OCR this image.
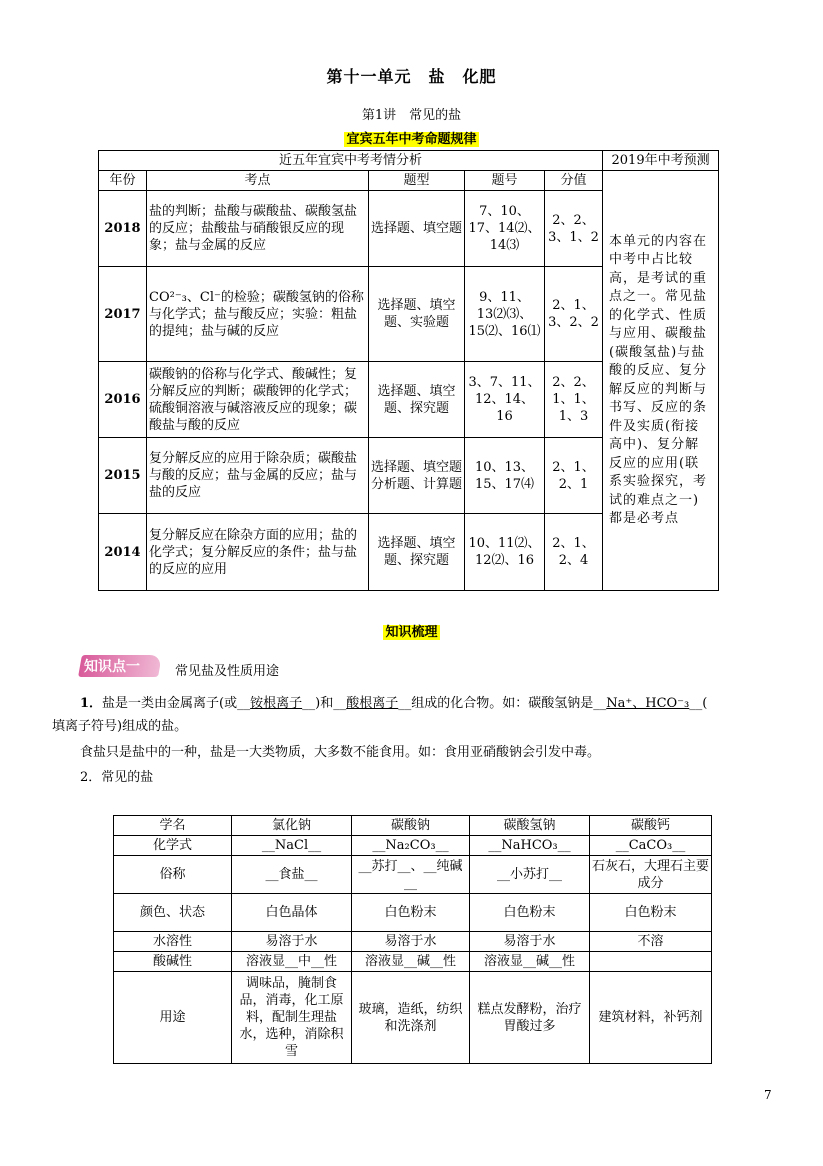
第十一单元　盐　化肥
第1讲　常见的盐
宜宾五年中考命题规律
近五年宜宾中考考情分析					2019年中考预测
年份	考点	题型	题号	分值	本单元的内容在中考中占比较高，是考试的重点之一。常见盐的化学式、性质与应用、碳酸盐(碳酸氢盐)与盐酸的反应、复分解反应的判断与书写、反应的条件及实质(衔接高中)、复分解反应的应用(联系实验探究，考试的难点之一)都是必考点
2018	盐的判断；盐酸与碳酸盐、碳酸氢盐的反应；盐酸盐与硝酸银反应的现象；盐与金属的反应	选择题、填空题	7、10、17、14⑵、14⑶	2、2、3、1、2	
2017	CO²⁻₃、Cl⁻的检验；碳酸氢钠的俗称与化学式；盐与酸反应；实验：粗盐的提纯；盐与碱的反应	选择题、填空题、实验题	9、11、13⑵⑶、15⑵、16⑴	2、1、3、2、2	
2016	碳酸钠的俗称与化学式、酸碱性；复分解反应的判断；碳酸钾的化学式；硫酸铜溶液与碱溶液反应的现象；碳酸盐与酸的反应	选择题、填空题、探究题	3、7、11、12、14、16	2、2、1、1、1、3	
2015	复分解反应的应用于除杂质；碳酸盐与酸的反应；盐与金属的反应；盐与盐的反应	选择题、填空题分析题、计算题	10、13、15、17⑷	2、1、2、1	
2014	复分解反应在除杂方面的应用；盐的化学式；复分解反应的条件；盐与盐的反应的应用	选择题、填空题、探究题	10、11⑵、12⑵、16	2、1、2、4	
知识梳理
知识点一	常见盐及性质用途
1．盐是一类由金属离子(或__铵根离子__)和__酸根离子__组成的化合物。如：碳酸氢钠是__Na⁺、HCO⁻₃__(
填离子符号)组成的盐。
食盐只是盐中的一种，盐是一大类物质，大多数不能食用。如：食用亚硝酸钠会引发中毒。
2．常见的盐
学名	氯化钠	碳酸钠	碳酸氢钠	碳酸钙
化学式	__NaCl__	__Na₂CO₃__	__NaHCO₃__	__CaCO₃__
俗称	__食盐__	__苏打__、__纯碱__	__小苏打__	石灰石，大理石主要成分
颜色、状态	白色晶体	白色粉末	白色粉末	白色粉末
水溶性	易溶于水	易溶于水	易溶于水	不溶
酸碱性	溶液显__中__性	溶液显__碱__性	溶液显__碱__性	
用途	调味品，腌制食品，消毒，化工原料，配制生理盐水，选种，消除积雪	玻璃，造纸，纺织和洗涤剂	糕点发酵粉，治疗胃酸过多	建筑材料，补钙剂
7
